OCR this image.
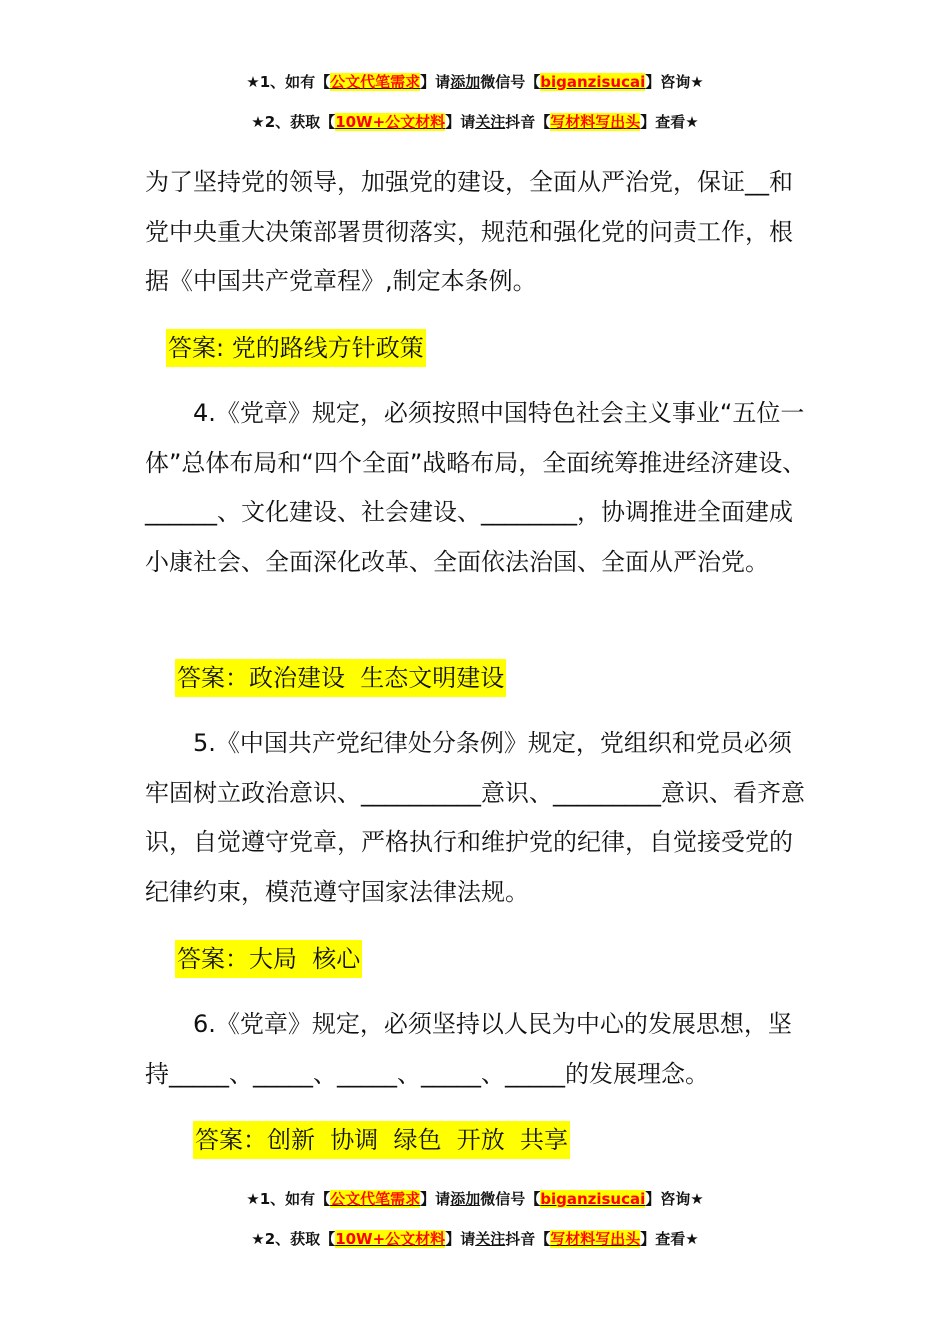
★1、如有【公文代笔需求】请添加微信号【biganzisucai】咨询★
★2、获取【10W+公文材料】请关注抖音【写材料写出头】查看★

为了坚持党的领导，加强党的建设，全面从严治党，保证__和党中央重大决策部署贯彻落实，规范和强化党的问责工作，根据《中国共产党章程》,制定本条例。

答案: 党的路线方针政策

4.《党章》规定，必须按照中国特色社会主义事业“五位一体”总体布局和“四个全面”战略布局，全面统筹推进经济建设、______、文化建设、社会建设、________，协调推进全面建成小康社会、全面深化改革、全面依法治国、全面从严治党。

答案：政治建设  生态文明建设

5.《中国共产党纪律处分条例》规定，党组织和党员必须牢固树立政治意识、__________意识、_________意识、看齐意识，自觉遵守党章，严格执行和维护党的纪律，自觉接受党的纪律约束，模范遵守国家法律法规。

答案：大局  核心

6.《党章》规定，必须坚持以人民为中心的发展思想，坚持_____、_____、_____、_____、_____的发展理念。

答案：创新  协调  绿色  开放  共享
★1、如有【公文代笔需求】请添加微信号【biganzisucai】咨询★
★2、获取【10W+公文材料】请关注抖音【写材料写出头】查看★
